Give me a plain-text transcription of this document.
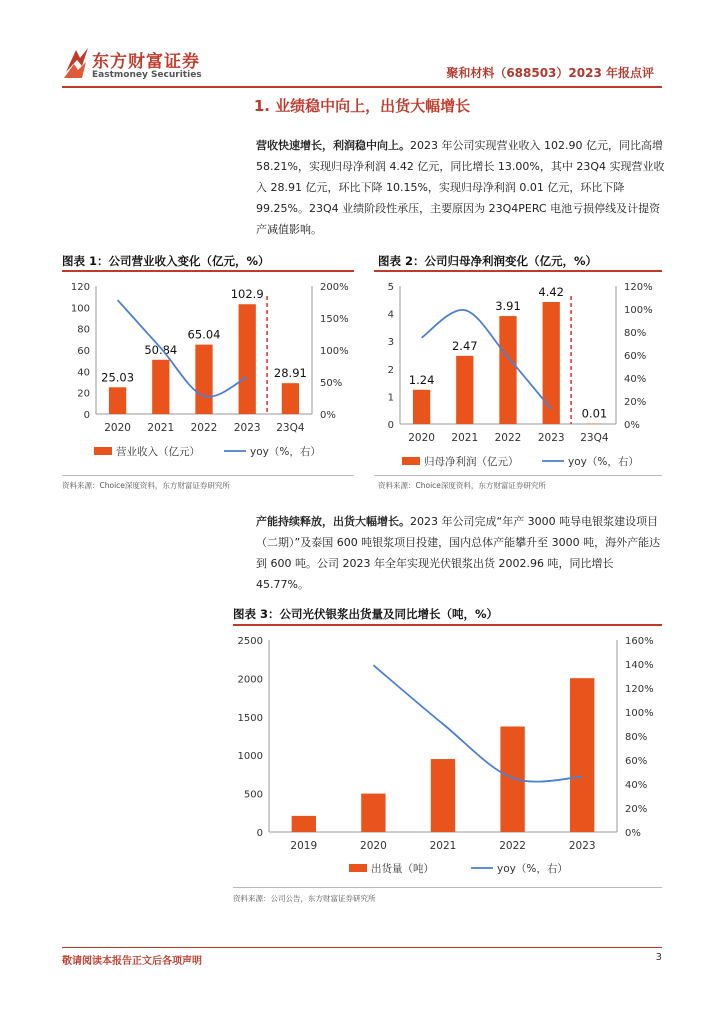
东方财富证券
Eastmoney Securities	聚和材料（688503）2023 年报点评
1. 业绩稳中向上，出货大幅增长
营收快速增长，利润稳中向上。2023 年公司实现营业收入 102.90 亿元，同比高增 58.21%，实现归母净利润 4.42 亿元，同比增长 13.00%，其中 23Q4 实现营业收入 28.91 亿元，环比下降 10.15%，实现归母净利润 0.01 亿元，环比下降 99.25%。23Q4 业绩阶段性承压，主要原因为 23Q4PERC 电池亏损停线及计提资产减值影响。
图表 1：公司营业收入变化（亿元，%）	图表 2：公司归母净利润变化（亿元，%）
0
20
40
60
80
100
120
0%
50%
100%
150%
200%
2020
25.03
2021
50.84
2022
65.04
2023
102.9
23Q4
28.91
营业收入（亿元）	yoy（%，右）
0
1
2
3
4
5
0%
20%
40%
60%
80%
100%
120%
2020
1.24
2021
2.47
2022
3.91
2023
4.42
23Q4
0.01
归母净利润（亿元）	yoy（%，右）
资料来源：Choice深度资料，东方财富证券研究所	资料来源：Choice深度资料，东方财富证券研究所
产能持续释放，出货大幅增长。2023 年公司完成“年产 3000 吨导电银浆建设项目（二期）”及泰国 600 吨银浆项目投建，国内总体产能攀升至 3000 吨，海外产能达到 600 吨。公司 2023 年全年实现光伏银浆出货 2002.96 吨，同比增长 45.77%。
图表 3：公司光伏银浆出货量及同比增长（吨，%）
0
500
1000
1500
2000
2500
0%
20%
40%
60%
80%
100%
120%
140%
160%
2019	2020	2021	2022	2023
出货量（吨）	yoy（%，右）
资料来源：公司公告，东方财富证券研究所
敬请阅读本报告正文后各项声明	3
